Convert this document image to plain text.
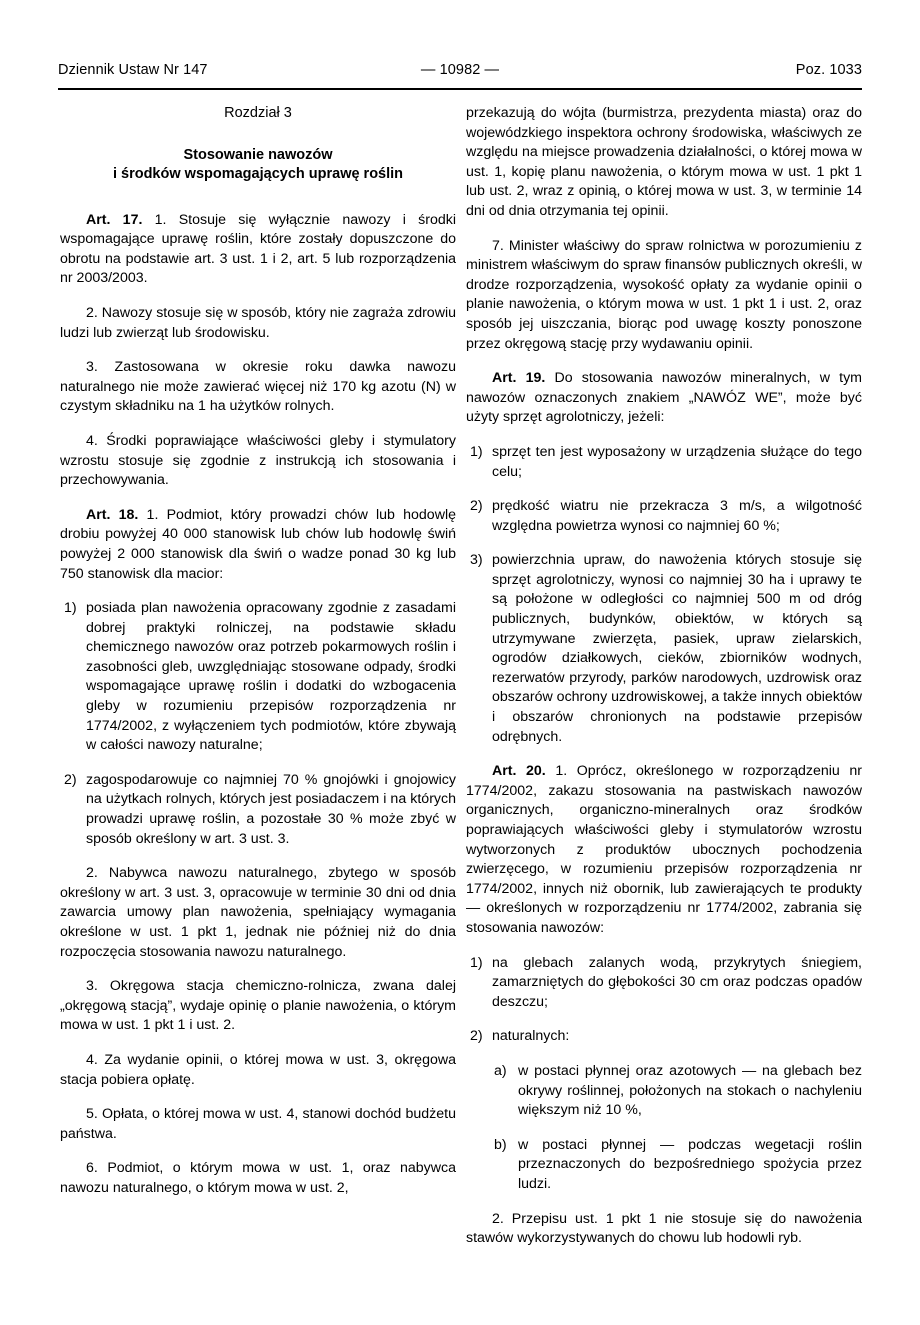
Dziennik Ustaw Nr 147	— 10982 —	Poz. 1033

Rozdział 3

Stosowanie nawozów
i środków wspomagających uprawę roślin

Art. 17. 1. Stosuje się wyłącznie nawozy i środki wspomagające uprawę roślin, które zostały dopuszczone do obrotu na podstawie art. 3 ust. 1 i 2, art. 5 lub rozporządzenia nr 2003/2003.

2. Nawozy stosuje się w sposób, który nie zagraża zdrowiu ludzi lub zwierząt lub środowisku.

3. Zastosowana w okresie roku dawka nawozu naturalnego nie może zawierać więcej niż 170 kg azotu (N) w czystym składniku na 1 ha użytków rolnych.

4. Środki poprawiające właściwości gleby i stymulatory wzrostu stosuje się zgodnie z instrukcją ich stosowania i przechowywania.

Art. 18. 1. Podmiot, który prowadzi chów lub hodowlę drobiu powyżej 40 000 stanowisk lub chów lub hodowlę świń powyżej 2 000 stanowisk dla świń o wadze ponad 30 kg lub 750 stanowisk dla macior:

1) posiada plan nawożenia opracowany zgodnie z zasadami dobrej praktyki rolniczej, na podstawie składu chemicznego nawozów oraz potrzeb pokarmowych roślin i zasobności gleb, uwzględniając stosowane odpady, środki wspomagające uprawę roślin i dodatki do wzbogacenia gleby w rozumieniu przepisów rozporządzenia nr 1774/2002, z wyłączeniem tych podmiotów, które zbywają w całości nawozy naturalne;

2) zagospodarowuje co najmniej 70 % gnojówki i gnojowicy na użytkach rolnych, których jest posiadaczem i na których prowadzi uprawę roślin, a pozostałe 30 % może zbyć w sposób określony w art. 3 ust. 3.

2. Nabywca nawozu naturalnego, zbytego w sposób określony w art. 3 ust. 3, opracowuje w terminie 30 dni od dnia zawarcia umowy plan nawożenia, spełniający wymagania określone w ust. 1 pkt 1, jednak nie później niż do dnia rozpoczęcia stosowania nawozu naturalnego.

3. Okręgowa stacja chemiczno-rolnicza, zwana dalej „okręgową stacją”, wydaje opinię o planie nawożenia, o którym mowa w ust. 1 pkt 1 i ust. 2.

4. Za wydanie opinii, o której mowa w ust. 3, okręgowa stacja pobiera opłatę.

5. Opłata, o której mowa w ust. 4, stanowi dochód budżetu państwa.

6. Podmiot, o którym mowa w ust. 1, oraz nabywca nawozu naturalnego, o którym mowa w ust. 2,

przekazują do wójta (burmistrza, prezydenta miasta) oraz do wojewódzkiego inspektora ochrony środowiska, właściwych ze względu na miejsce prowadzenia działalności, o której mowa w ust. 1, kopię planu nawożenia, o którym mowa w ust. 1 pkt 1 lub ust. 2, wraz z opinią, o której mowa w ust. 3, w terminie 14 dni od dnia otrzymania tej opinii.

7. Minister właściwy do spraw rolnictwa w porozumieniu z ministrem właściwym do spraw finansów publicznych określi, w drodze rozporządzenia, wysokość opłaty za wydanie opinii o planie nawożenia, o którym mowa w ust. 1 pkt 1 i ust. 2, oraz sposób jej uiszczania, biorąc pod uwagę koszty ponoszone przez okręgową stację przy wydawaniu opinii.

Art. 19. Do stosowania nawozów mineralnych, w tym nawozów oznaczonych znakiem „NAWÓZ WE”, może być użyty sprzęt agrolotniczy, jeżeli:

1) sprzęt ten jest wyposażony w urządzenia służące do tego celu;

2) prędkość wiatru nie przekracza 3 m/s, a wilgotność względna powietrza wynosi co najmniej 60 %;

3) powierzchnia upraw, do nawożenia których stosuje się sprzęt agrolotniczy, wynosi co najmniej 30 ha i uprawy te są położone w odległości co najmniej 500 m od dróg publicznych, budynków, obiektów, w których są utrzymywane zwierzęta, pasiek, upraw zielarskich, ogrodów działkowych, cieków, zbiorników wodnych, rezerwatów przyrody, parków narodowych, uzdrowisk oraz obszarów ochrony uzdrowiskowej, a także innych obiektów i obszarów chronionych na podstawie przepisów odrębnych.

Art. 20. 1. Oprócz, określonego w rozporządzeniu nr 1774/2002, zakazu stosowania na pastwiskach nawozów organicznych, organiczno-mineralnych oraz środków poprawiających właściwości gleby i stymulatorów wzrostu wytworzonych z produktów ubocznych pochodzenia zwierzęcego, w rozumieniu przepisów rozporządzenia nr 1774/2002, innych niż obornik, lub zawierających te produkty — określonych w rozporządzeniu nr 1774/2002, zabrania się stosowania nawozów:

1) na glebach zalanych wodą, przykrytych śniegiem, zamarzniętych do głębokości 30 cm oraz podczas opadów deszczu;

2) naturalnych:

a) w postaci płynnej oraz azotowych — na glebach bez okrywy roślinnej, położonych na stokach o nachyleniu większym niż 10 %,

b) w postaci płynnej — podczas wegetacji roślin przeznaczonych do bezpośredniego spożycia przez ludzi.

2. Przepisu ust. 1 pkt 1 nie stosuje się do nawożenia stawów wykorzystywanych do chowu lub hodowli ryb.
